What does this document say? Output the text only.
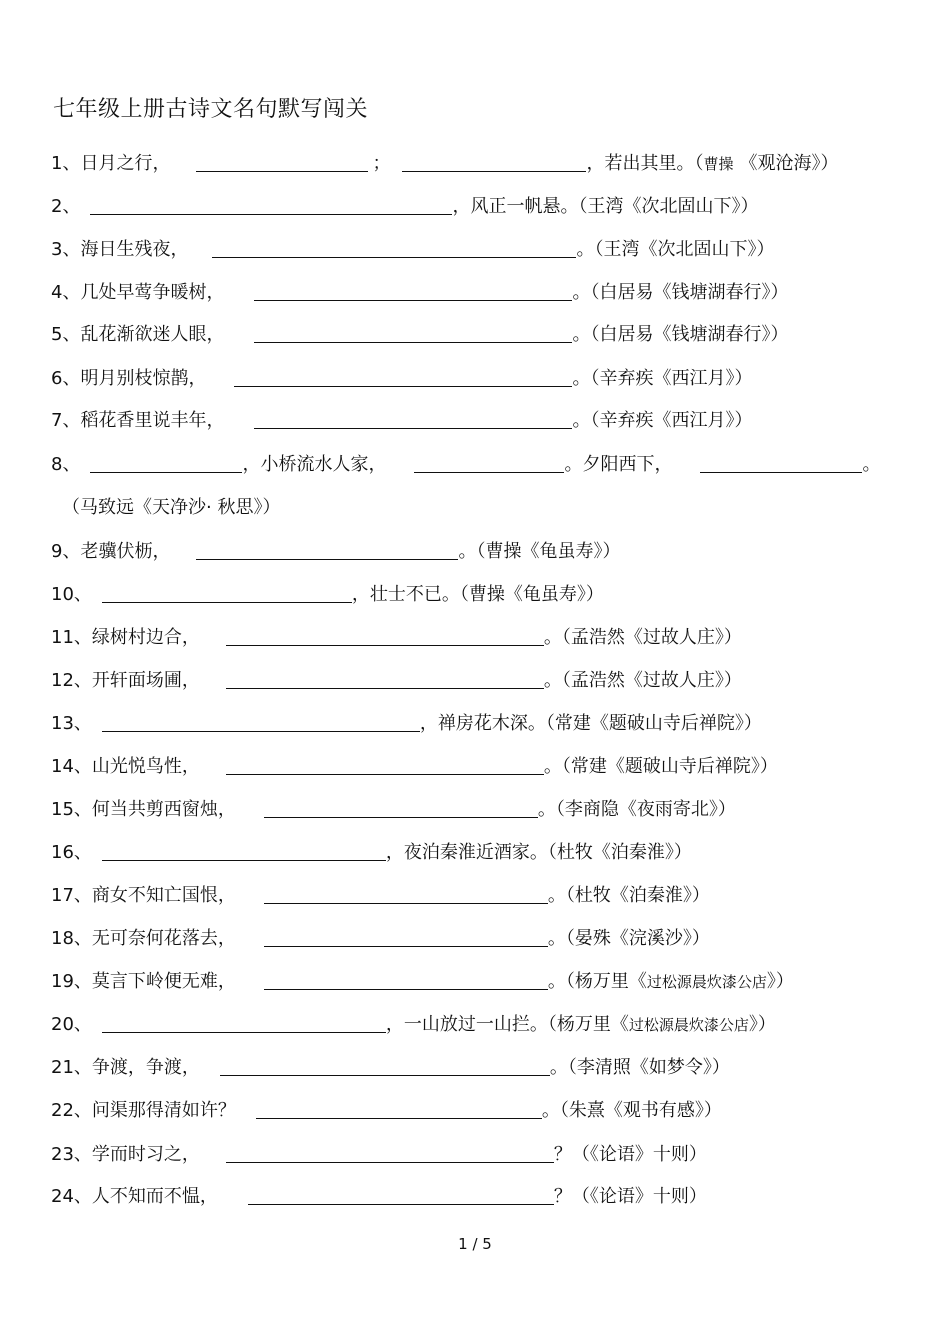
七年级上册古诗文名句默写闯关
1、 日月之行，	；	，若出其里。（ 曹操 《观沧海》）
2、	，风正一帆悬。（王湾《次北固山下》）
3、 海日生残夜，	。（王湾《次北固山下》）
4、 几处早莺争暖树，	。（白居易《钱塘湖春行》）
5、 乱花渐欲迷人眼，	。（白居易《钱塘湖春行》）
6、 明月别枝惊鹊，	。（辛弃疾《西江月》）
7、 稻花香里说丰年，	。（辛弃疾《西江月》）
8、	，小桥流水人家，	。夕阳西下，	。
（马致远《天净沙· 秋思》）
9、 老骥伏枥，	。（曹操《龟虽寿》）
10、	，壮士不已。（曹操《龟虽寿》）
11、 绿树村边合，	。（孟浩然《过故人庄》）
12、 开轩面场圃，	。（孟浩然《过故人庄》）
13、	，禅房花木深。（常建《题破山寺后禅院》）
14、 山光悦鸟性，	。（常建《题破山寺后禅院》）
15、 何当共剪西窗烛，	。（李商隐《夜雨寄北》）
16、	，夜泊秦淮近酒家。（杜牧《泊秦淮》）
17、 商女不知亡国恨，	。（杜牧《泊秦淮》）
18、 无可奈何花落去，	。（晏殊《浣溪沙》）
19、 莫言下岭便无难，	。（杨万里《 过松源晨炊漆公店 》）
20、	，一山放过一山拦。（杨万里《 过松源晨炊漆公店 》）
21、 争渡，争渡，	。（李清照《如梦令》）
22、 问渠那得清如许？	。（朱熹《观书有感》）
23、 学而时习之，	？（《论语》十则）
24、 人不知而不愠，	？（《论语》十则）
1 / 5
